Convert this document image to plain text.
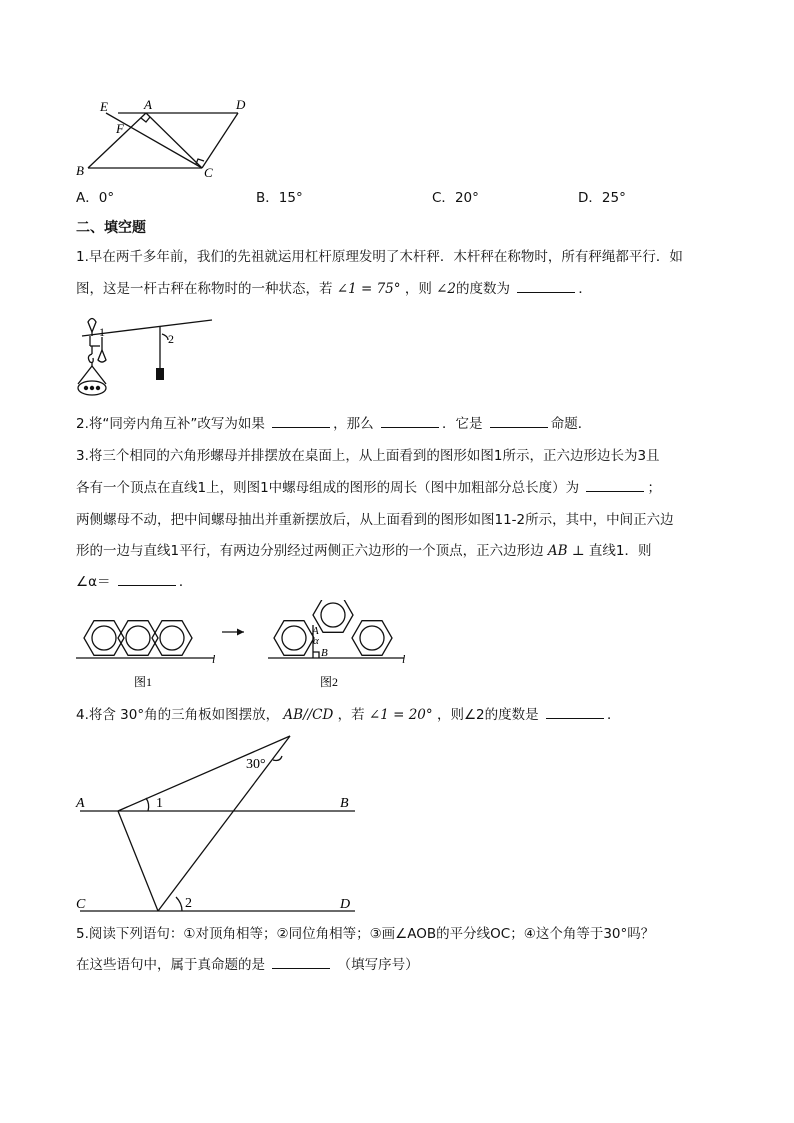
E	A	D
F
B	C
A．0°	B．15°	C．20°	D．25°
二、填空题
1.早在两千多年前，我们的先祖就运用杠杆原理发明了木杆秤．木杆秤在称物时，所有秤绳都平行．如
图，这是一杆古秤在称物时的一种状态，若 ∠1 = 75° ，则 ∠2的度数为	．
1	2
2.将“同旁内角互补”改写为如果	，那么	．它是	命题．
3.将三个相同的六角形螺母并排摆放在桌面上，从上面看到的图形如图1所示，正六边形边长为3且
各有一个顶点在直线1上，则图1中螺母组成的图形的周长（图中加粗部分总长度）为	；
两侧螺母不动，把中间螺母抽出并重新摆放后，从上面看到的图形如图11-2所示，其中，中间正六边
形的一边与直线1平行，有两边分别经过两侧正六边形的一个顶点，正六边形边 AB ⊥ 直线1．则
∠α＝	．
l	l
α
A
B
图1	图2
4.将含 30°角的三角板如图摆放， AB//CD ，若 ∠1 = 20° ，则∠2的度数是	．
A	B
C	D
1
2
30°
5.阅读下列语句：①对顶角相等；②同位角相等；③画∠AOB的平分线OC；④这个角等于30°吗？
在这些语句中，属于真命题的是	（填写序号）
